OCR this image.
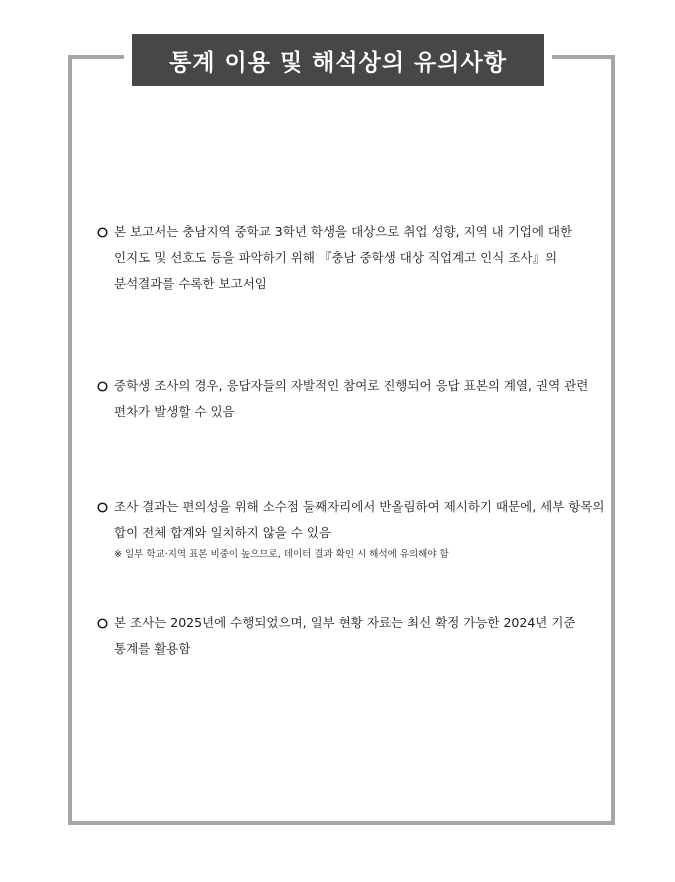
통계 이용 및 해석상의 유의사항

본 보고서는 충남지역 중학교 3학년 학생을 대상으로 취업 성향, 지역 내 기업에 대한 인지도 및 선호도 등을 파악하기 위해 『충남 중학생 대상 직업계고 인식 조사』의 분석결과를 수록한 보고서임

중학생 조사의 경우, 응답자들의 자발적인 참여로 진행되어 응답 표본의 계열, 권역 관련 편차가 발생할 수 있음

조사 결과는 편의성을 위해 소수점 둘째자리에서 반올림하여 제시하기 때문에, 세부 항목의 합이 전체 합계와 일치하지 않을 수 있음

※ 일부 학교·지역 표본 비중이 높으므로, 데이터 결과 확인 시 해석에 유의해야 함

본 조사는 2025년에 수행되었으며, 일부 현황 자료는 최신 확정 가능한 2024년 기준 통계를 활용함
